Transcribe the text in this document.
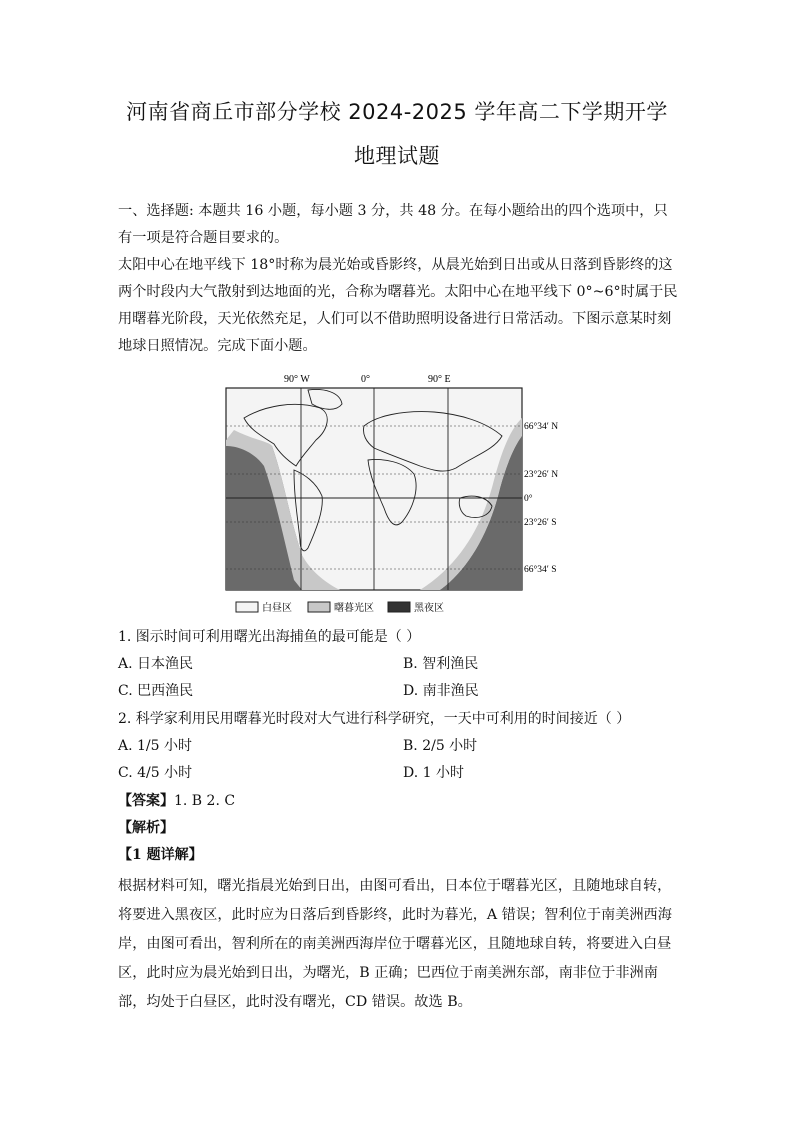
河南省商丘市部分学校 2024-2025 学年高二下学期开学
地理试题
一、选择题: 本题共 16 小题，每小题 3 分，共 48 分。在每小题给出的四个选项中，只有一项是符合题目要求的。
太阳中心在地平线下 18°时称为晨光始或昏影终，从晨光始到日出或从日落到昏影终的这两个时段内大气散射到达地面的光，合称为曙暮光。太阳中心在地平线下 0°~6°时属于民用曙暮光阶段，天光依然充足，人们可以不借助照明设备进行日常活动。下图示意某时刻地球日照情况。完成下面小题。
90° W	0°	90° E
66°34′ N
23°26′ N
0°
23°26′ S
66°34′ S
白昼区	曙暮光区	黑夜区
1. 图示时间可利用曙光出海捕鱼的最可能是（ ）
A. 日本渔民	B. 智利渔民
C. 巴西渔民	D. 南非渔民
2. 科学家利用民用曙暮光时段对大气进行科学研究，一天中可利用的时间接近（ ）
A. 1/5 小时	B. 2/5 小时
C. 4/5 小时	D. 1 小时
【答案】1. B 2. C
【解析】
【1 题详解】
根据材料可知，曙光指晨光始到日出，由图可看出，日本位于曙暮光区，且随地球自转，将要进入黑夜区，此时应为日落后到昏影终，此时为暮光，A 错误；智利位于南美洲西海岸，由图可看出，智利所在的南美洲西海岸位于曙暮光区，且随地球自转，将要进入白昼区，此时应为晨光始到日出，为曙光，B 正确；巴西位于南美洲东部，南非位于非洲南部，均处于白昼区，此时没有曙光，CD 错误。故选 B。
